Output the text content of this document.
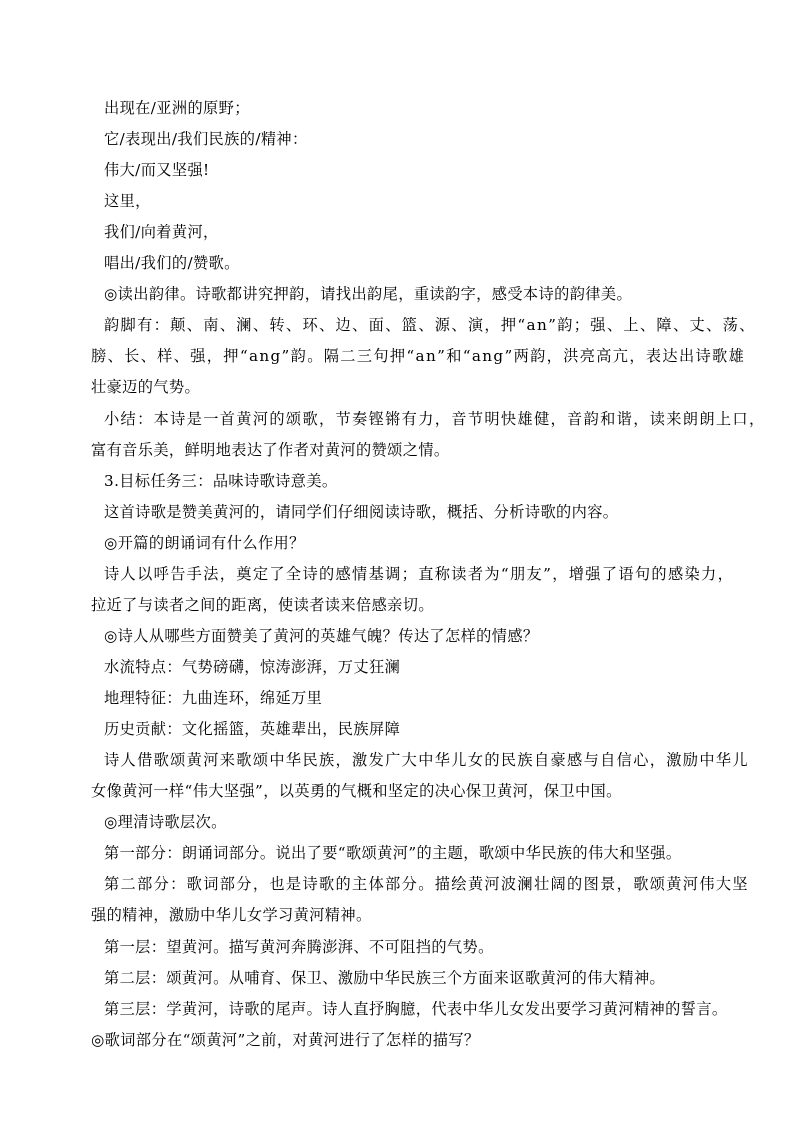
出现在/亚洲的原野；
它/表现出/我们民族的/精神：
伟大/而又坚强!
这里，
我们/向着黄河，
唱出/我们的/赞歌。
◎读出韵律。诗歌都讲究押韵，请找出韵尾，重读韵字，感受本诗的韵律美。
韵脚有：颠、南、澜、转、环、边、面、篮、源、演，押“an”韵；强、上、障、丈、荡、
膀、长、样、强，押“ang”韵。隔二三句押“an”和“ang”两韵，洪亮高亢，表达出诗歌雄
壮豪迈的气势。
小结：本诗是一首黄河的颂歌，节奏铿锵有力，音节明快雄健，音韵和谐，读来朗朗上口，
富有音乐美，鲜明地表达了作者对黄河的赞颂之情。
3.目标任务三：品味诗歌诗意美。
这首诗歌是赞美黄河的，请同学们仔细阅读诗歌，概括、分析诗歌的内容。
◎开篇的朗诵词有什么作用？
诗人以呼告手法，奠定了全诗的感情基调；直称读者为“朋友”，增强了语句的感染力，
拉近了与读者之间的距离，使读者读来倍感亲切。
◎诗人从哪些方面赞美了黄河的英雄气魄？传达了怎样的情感？
水流特点：气势磅礴，惊涛澎湃，万丈狂澜
地理特征：九曲连环，绵延万里
历史贡献：文化摇篮，英雄辈出，民族屏障
诗人借歌颂黄河来歌颂中华民族，激发广大中华儿女的民族自豪感与自信心，激励中华儿
女像黄河一样“伟大坚强”，以英勇的气概和坚定的决心保卫黄河，保卫中国。
◎理清诗歌层次。
第一部分：朗诵词部分。说出了要“歌颂黄河”的主题，歌颂中华民族的伟大和坚强。
第二部分：歌词部分，也是诗歌的主体部分。描绘黄河波澜壮阔的图景，歌颂黄河伟大坚
强的精神，激励中华儿女学习黄河精神。
第一层：望黄河。描写黄河奔腾澎湃、不可阻挡的气势。
第二层：颂黄河。从哺育、保卫、激励中华民族三个方面来讴歌黄河的伟大精神。
第三层：学黄河，诗歌的尾声。诗人直抒胸臆，代表中华儿女发出要学习黄河精神的誓言。
◎歌词部分在“颂黄河”之前，对黄河进行了怎样的描写？
